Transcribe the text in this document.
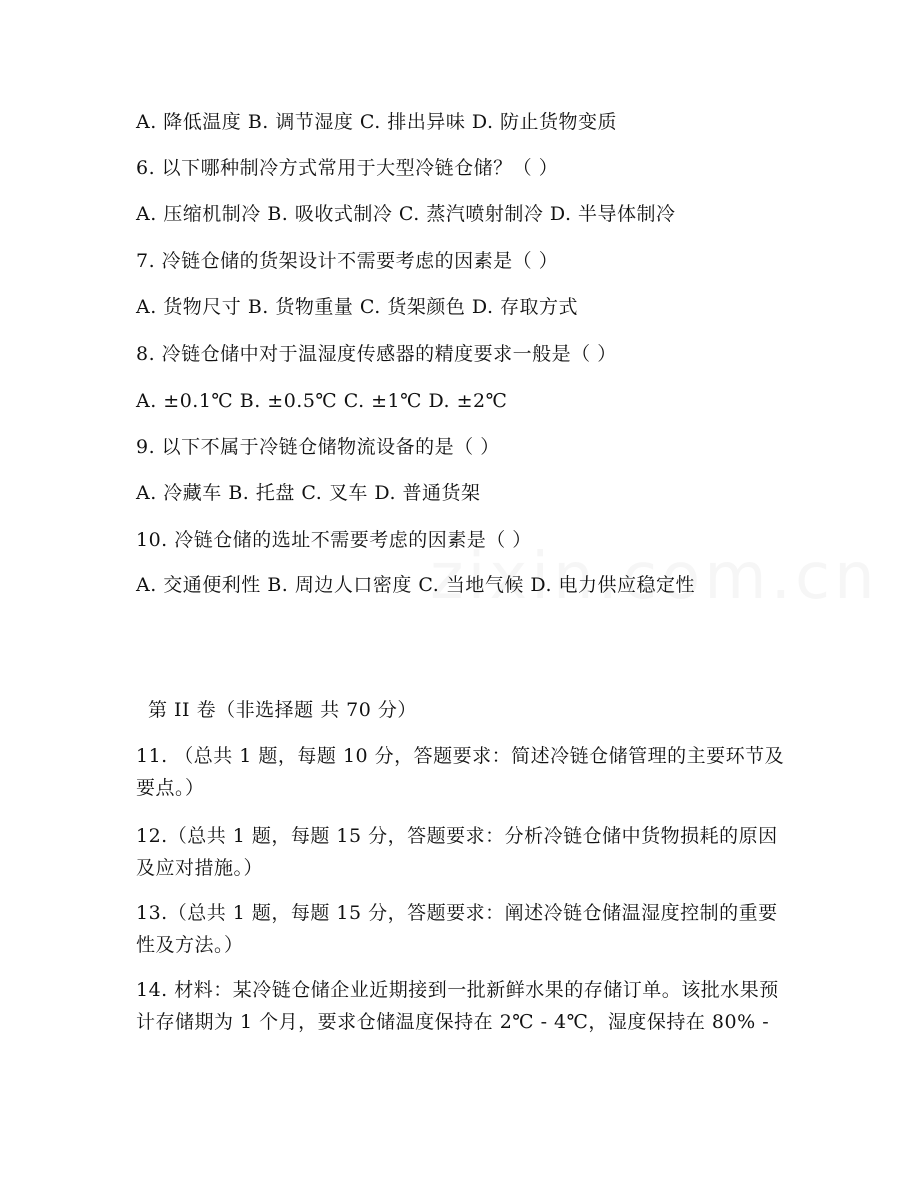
A. 降低温度 B. 调节湿度 C. 排出异味 D. 防止货物变质
6. 以下哪种制冷方式常用于大型冷链仓储？（ ）
A. 压缩机制冷 B. 吸收式制冷 C. 蒸汽喷射制冷 D. 半导体制冷
7. 冷链仓储的货架设计不需要考虑的因素是（ ）
A. 货物尺寸 B. 货物重量 C. 货架颜色 D. 存取方式
8. 冷链仓储中对于温湿度传感器的精度要求一般是（ ）
A. ±0.1℃ B. ±0.5℃ C. ±1℃ D. ±2℃
9. 以下不属于冷链仓储物流设备的是（ ）
A. 冷藏车 B. 托盘 C. 叉车 D. 普通货架
10. 冷链仓储的选址不需要考虑的因素是（ ）
A. 交通便利性 B. 周边人口密度 C. 当地气候 D. 电力供应稳定性
第 II 卷（非选择题 共 70 分）
11. （总共 1 题，每题 10 分，答题要求：简述冷链仓储管理的主要环节及要点。）
12.（总共 1 题，每题 15 分，答题要求：分析冷链仓储中货物损耗的原因及应对措施。）
13.（总共 1 题，每题 15 分，答题要求：阐述冷链仓储温湿度控制的重要性及方法。）
14. 材料：某冷链仓储企业近期接到一批新鲜水果的存储订单。该批水果预计存储期为 1 个月，要求仓储温度保持在 2℃ - 4℃，湿度保持在 80% -
